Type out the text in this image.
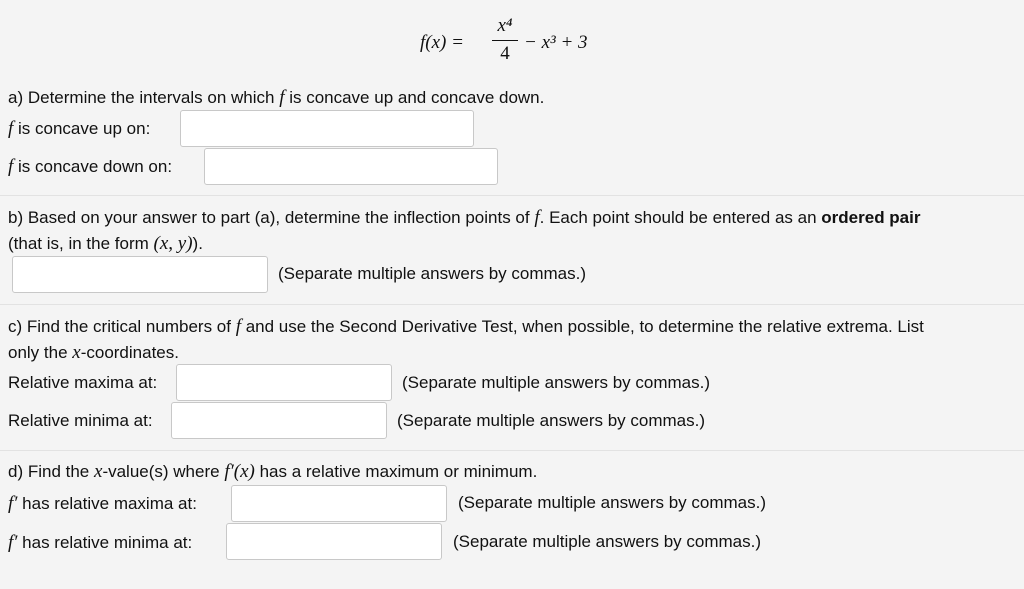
f(x) =
x⁴
4
− x³ + 3
a) Determine the intervals on which f is concave up and concave down.
f is concave up on:
f is concave down on:
b) Based on your answer to part (a), determine the inflection points of f. Each point should be entered as an ordered pair
(that is, in the form (x, y)).
(Separate multiple answers by commas.)
c) Find the critical numbers of f and use the Second Derivative Test, when possible, to determine the relative extrema. List
only the x-coordinates.
Relative maxima at:	(Separate multiple answers by commas.)
Relative minima at:	(Separate multiple answers by commas.)
d) Find the x-value(s) where f′(x) has a relative maximum or minimum.
f′ has relative maxima at:	(Separate multiple answers by commas.)
f′ has relative minima at:	(Separate multiple answers by commas.)
